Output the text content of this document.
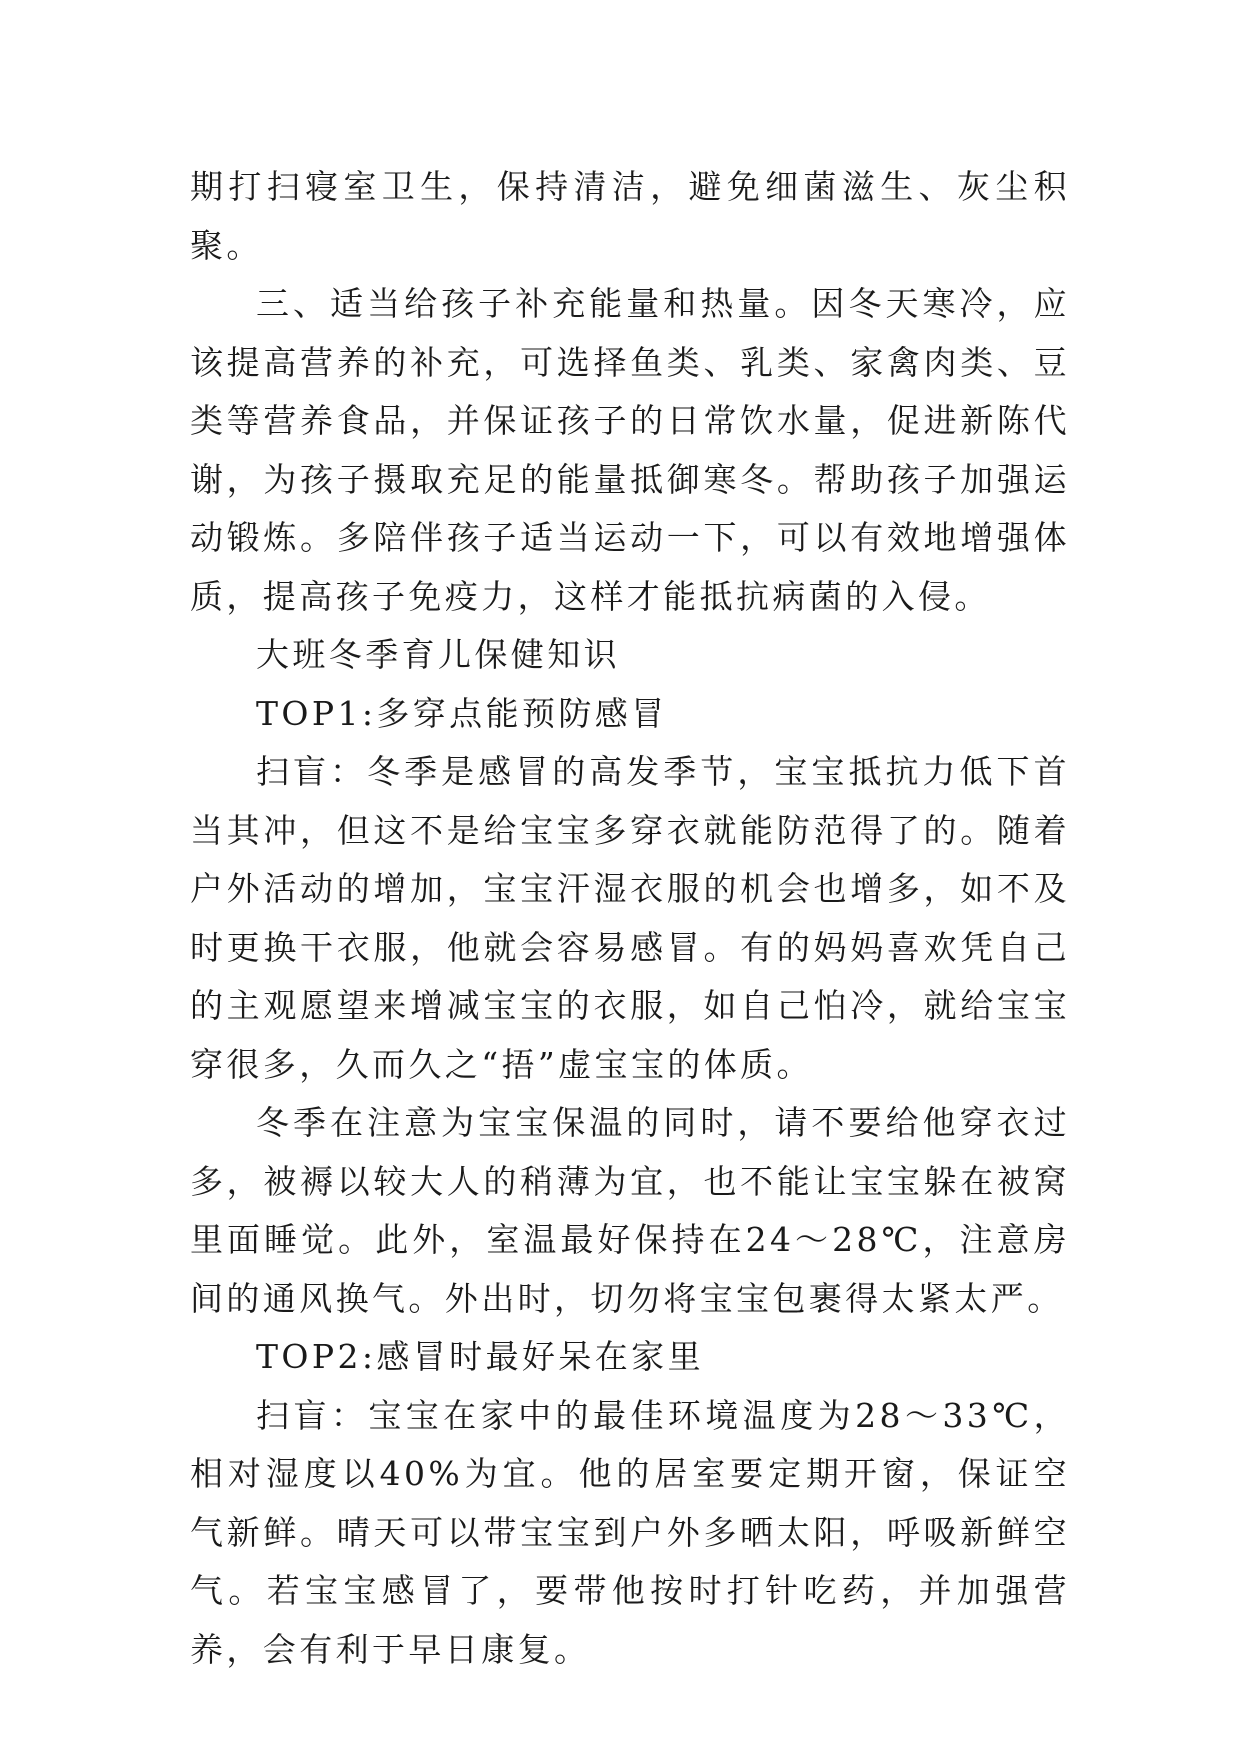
期打扫寝室卫生，保持清洁，避免细菌滋生、灰尘积聚。

三、适当给孩子补充能量和热量。因冬天寒冷，应该提高营养的补充，可选择鱼类、乳类、家禽肉类、豆类等营养食品，并保证孩子的日常饮水量，促进新陈代谢，为孩子摄取充足的能量抵御寒冬。帮助孩子加强运动锻炼。多陪伴孩子适当运动一下，可以有效地增强体质，提高孩子免疫力，这样才能抵抗病菌的入侵。

大班冬季育儿保健知识

TOP1:多穿点能预防感冒

扫盲：冬季是感冒的高发季节，宝宝抵抗力低下首当其冲，但这不是给宝宝多穿衣就能防范得了的。随着户外活动的增加，宝宝汗湿衣服的机会也增多，如不及时更换干衣服，他就会容易感冒。有的妈妈喜欢凭自己的主观愿望来增减宝宝的衣服，如自己怕冷，就给宝宝穿很多，久而久之“捂”虚宝宝的体质。

冬季在注意为宝宝保温的同时，请不要给他穿衣过多，被褥以较大人的稍薄为宜，也不能让宝宝躲在被窝里面睡觉。此外，室温最好保持在24～28℃，注意房间的通风换气。外出时，切勿将宝宝包裹得太紧太严。

TOP2:感冒时最好呆在家里

扫盲：宝宝在家中的最佳环境温度为28～33℃，相对湿度以40%为宜。他的居室要定期开窗，保证空气新鲜。晴天可以带宝宝到户外多晒太阳，呼吸新鲜空气。若宝宝感冒了，要带他按时打针吃药，并加强营养，会有利于早日康复。
